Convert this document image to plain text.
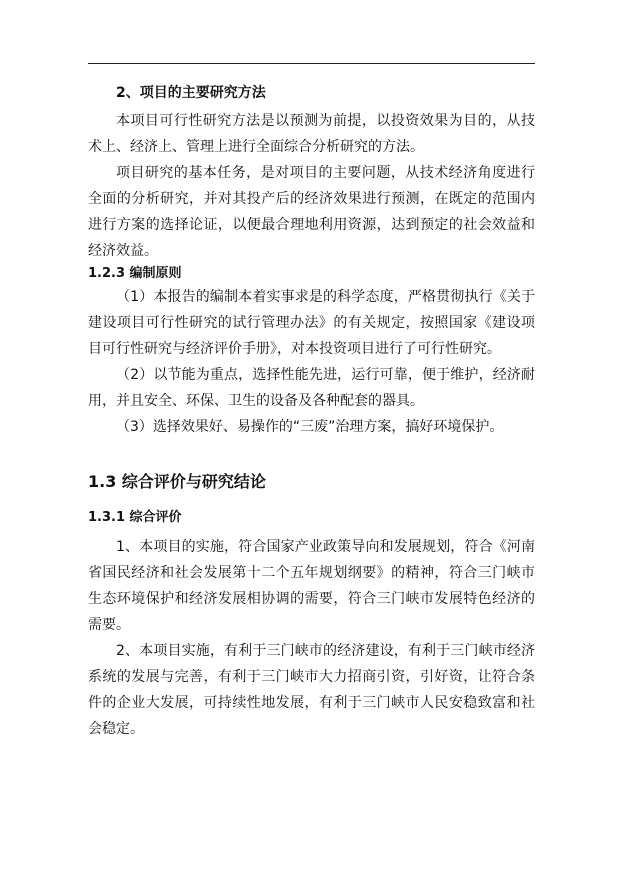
2、项目的主要研究方法

本项目可行性研究方法是以预测为前提，以投资效果为目的，从技术上、经济上、管理上进行全面综合分析研究的方法。

项目研究的基本任务，是对项目的主要问题，从技术经济角度进行全面的分析研究，并对其投产后的经济效果进行预测，在既定的范围内进行方案的选择论证，以便最合理地利用资源，达到预定的社会效益和经济效益。

1.2.3 编制原则

（1）本报告的编制本着实事求是的科学态度，严格贯彻执行《关于建设项目可行性研究的试行管理办法》的有关规定，按照国家《建设项目可行性研究与经济评价手册》，对本投资项目进行了可行性研究。

（2）以节能为重点，选择性能先进，运行可靠，便于维护，经济耐用，并且安全、环保、卫生的设备及各种配套的器具。

（3）选择效果好、易操作的“三废”治理方案，搞好环境保护。

1.3 综合评价与研究结论
1.3.1 综合评价

1、本项目的实施，符合国家产业政策导向和发展规划，符合《河南省国民经济和社会发展第十二个五年规划纲要》的精神，符合三门峡市生态环境保护和经济发展相协调的需要，符合三门峡市发展特色经济的需要。

2、本项目实施，有利于三门峡市的经济建设，有利于三门峡市经济系统的发展与完善，有利于三门峡市大力招商引资，引好资，让符合条件的企业大发展，可持续性地发展，有利于三门峡市人民安稳致富和社会稳定。
